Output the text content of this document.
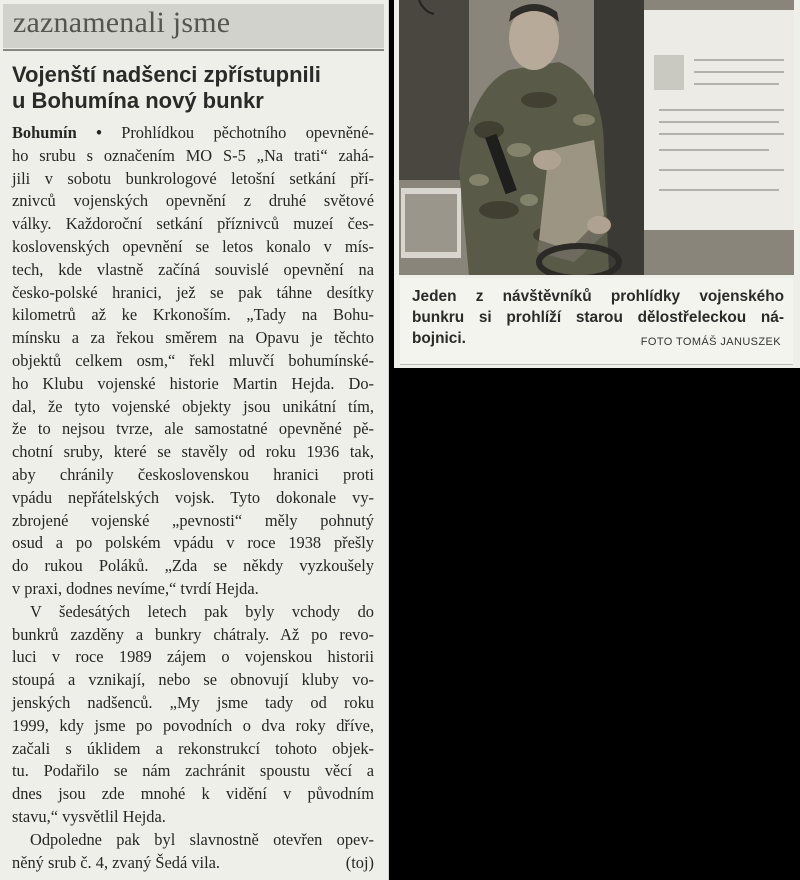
zaznamenali jsme
Vojenští nadšenci zpřístupnili
u Bohumína nový bunkr
Bohumín • Prohlídkou pěchotního opevněné-
ho srubu s označením MO S-5 „Na trati“ zahá-
jili v sobotu bunkrologové letošní setkání pří-
znivců vojenských opevnění z druhé světové
války. Každoroční setkání příznivců muzeí čes-
koslovenských opevnění se letos konalo v mís-
tech, kde vlastně začíná souvislé opevnění na
česko-polské hranici, jež se pak táhne desítky
kilometrů až ke Krkonoším. „Tady na Bohu-
mínsku a za řekou směrem na Opavu je těchto
objektů celkem osm,“ řekl mluvčí bohumínské-
ho Klubu vojenské historie Martin Hejda. Do-
dal, že tyto vojenské objekty jsou unikátní tím,
že to nejsou tvrze, ale samostatné opevněné pě-
chotní sruby, které se stavěly od roku 1936 tak,
aby chránily československou hranici proti
vpádu nepřátelských vojsk. Tyto dokonale vy-
zbrojené vojenské „pevnosti“ měly pohnutý
osud a po polském vpádu v roce 1938 přešly
do rukou Poláků. „Zda se někdy vyzkoušely
v praxi, dodnes nevíme,“ tvrdí Hejda.
V šedesátých letech pak byly vchody do
bunkrů zazděny a bunkry chátraly. Až po revo-
luci v roce 1989 zájem o vojenskou historii
stoupá a vznikají, nebo se obnovují kluby vo-
jenských nadšenců. „My jsme tady od roku
1999, kdy jsme po povodních o dva roky dříve,
začali s úklidem a rekonstrukcí tohoto objek-
tu. Podařilo se nám zachránit spoustu věcí a
dnes jsou zde mnohé k vidění v původním
stavu,“ vysvětlil Hejda.
Odpoledne pak byl slavnostně otevřen opev-
něný srub č. 4, zvaný Šedá vila.	(toj)
Jeden z návštěvníků prohlídky vojenského
bunkru si prohlíží starou dělostřeleckou ná-
bojnici.	FOTO TOMÁŠ JANUSZEK
